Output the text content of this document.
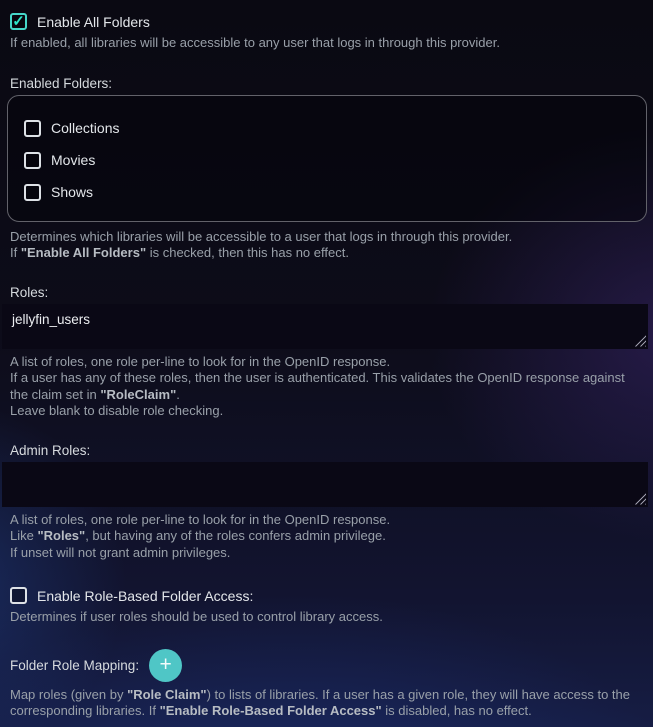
✓ Enable All Folders
If enabled, all libraries will be accessible to any user that logs in through this provider.
Enabled Folders:
Collections
Movies
Shows
Determines which libraries will be accessible to a user that logs in through this provider.
If "Enable All Folders" is checked, then this has no effect.
Roles:
jellyfin_users
A list of roles, one role per-line to look for in the OpenID response.
If a user has any of these roles, then the user is authenticated. This validates the OpenID response against the claim set in "RoleClaim".
Leave blank to disable role checking.
Admin Roles:
A list of roles, one role per-line to look for in the OpenID response.
Like "Roles", but having any of the roles confers admin privilege.
If unset will not grant admin privileges.
Enable Role-Based Folder Access:
Determines if user roles should be used to control library access.
Folder Role Mapping: +
Map roles (given by "Role Claim") to lists of libraries. If a user has a given role, they will have access to the corresponding libraries. If "Enable Role-Based Folder Access" is disabled, has no effect.
